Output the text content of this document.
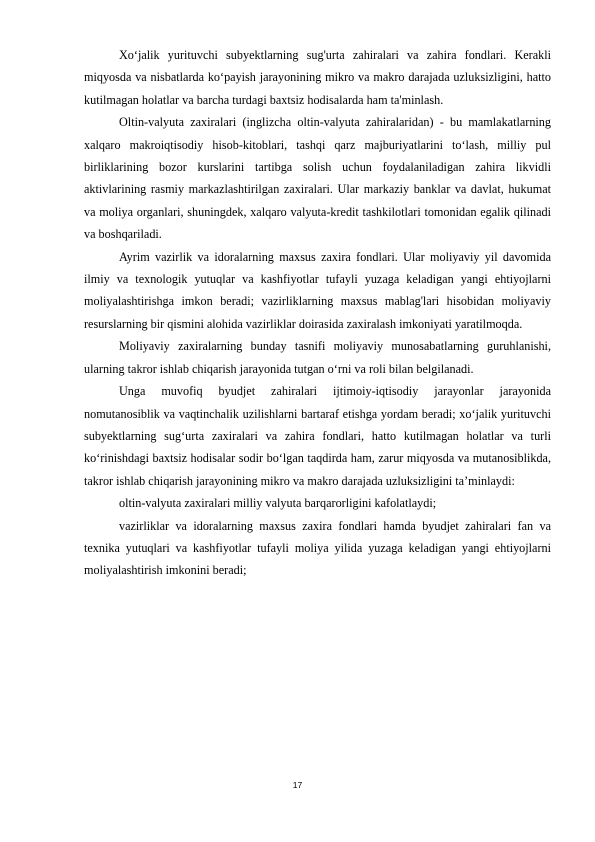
Xo‘jalik yurituvchi subyektlarning sug'urta zahiralari va zahira fondlari. Kerakli miqyosda va nisbatlarda ko‘payish jarayonining mikro va makro darajada uzluksizligini, hatto kutilmagan holatlar va barcha turdagi baxtsiz hodisalarda ham ta'minlash.

Oltin-valyuta zaxiralari (inglizcha oltin-valyuta zahiralaridan) - bu mamlakatlarning xalqaro makroiqtisodiy hisob-kitoblari, tashqi qarz majburiyatlarini to‘lash, milliy pul birliklarining bozor kurslarini tartibga solish uchun foydalaniladigan zahira likvidli aktivlarining rasmiy markazlashtirilgan zaxiralari. Ular markaziy banklar va davlat, hukumat va moliya organlari, shuningdek, xalqaro valyuta-kredit tashkilotlari tomonidan egalik qilinadi va boshqariladi.

Ayrim vazirlik va idoralarning maxsus zaxira fondlari. Ular moliyaviy yil davomida ilmiy va texnologik yutuqlar va kashfiyotlar tufayli yuzaga keladigan yangi ehtiyojlarni moliyalashtirishga imkon beradi; vazirliklarning maxsus mablag'lari hisobidan moliyaviy resurslarning bir qismini alohida vazirliklar doirasida zaxiralash imkoniyati yaratilmoqda.

Moliyaviy zaxiralarning bunday tasnifi moliyaviy munosabatlarning guruhlanishi, ularning takror ishlab chiqarish jarayonida tutgan o‘rni va roli bilan belgilanadi.

Unga muvofiq byudjet zahiralari ijtimoiy-iqtisodiy jarayonlar jarayonida nomutanosiblik va vaqtinchalik uzilishlarni bartaraf etishga yordam beradi; xo‘jalik yurituvchi subyektlarning sug‘urta zaxiralari va zahira fondlari, hatto kutilmagan holatlar va turli ko‘rinishdagi baxtsiz hodisalar sodir bo‘lgan taqdirda ham, zarur miqyosda va mutanosiblikda, takror ishlab chiqarish jarayonining mikro va makro darajada uzluksizligini ta’minlaydi:

oltin-valyuta zaxiralari milliy valyuta barqarorligini kafolatlaydi;

vazirliklar va idoralarning maxsus zaxira fondlari hamda byudjet zahiralari fan va texnika yutuqlari va kashfiyotlar tufayli moliya yilida yuzaga keladigan yangi ehtiyojlarni moliyalashtirish imkonini beradi;

17
